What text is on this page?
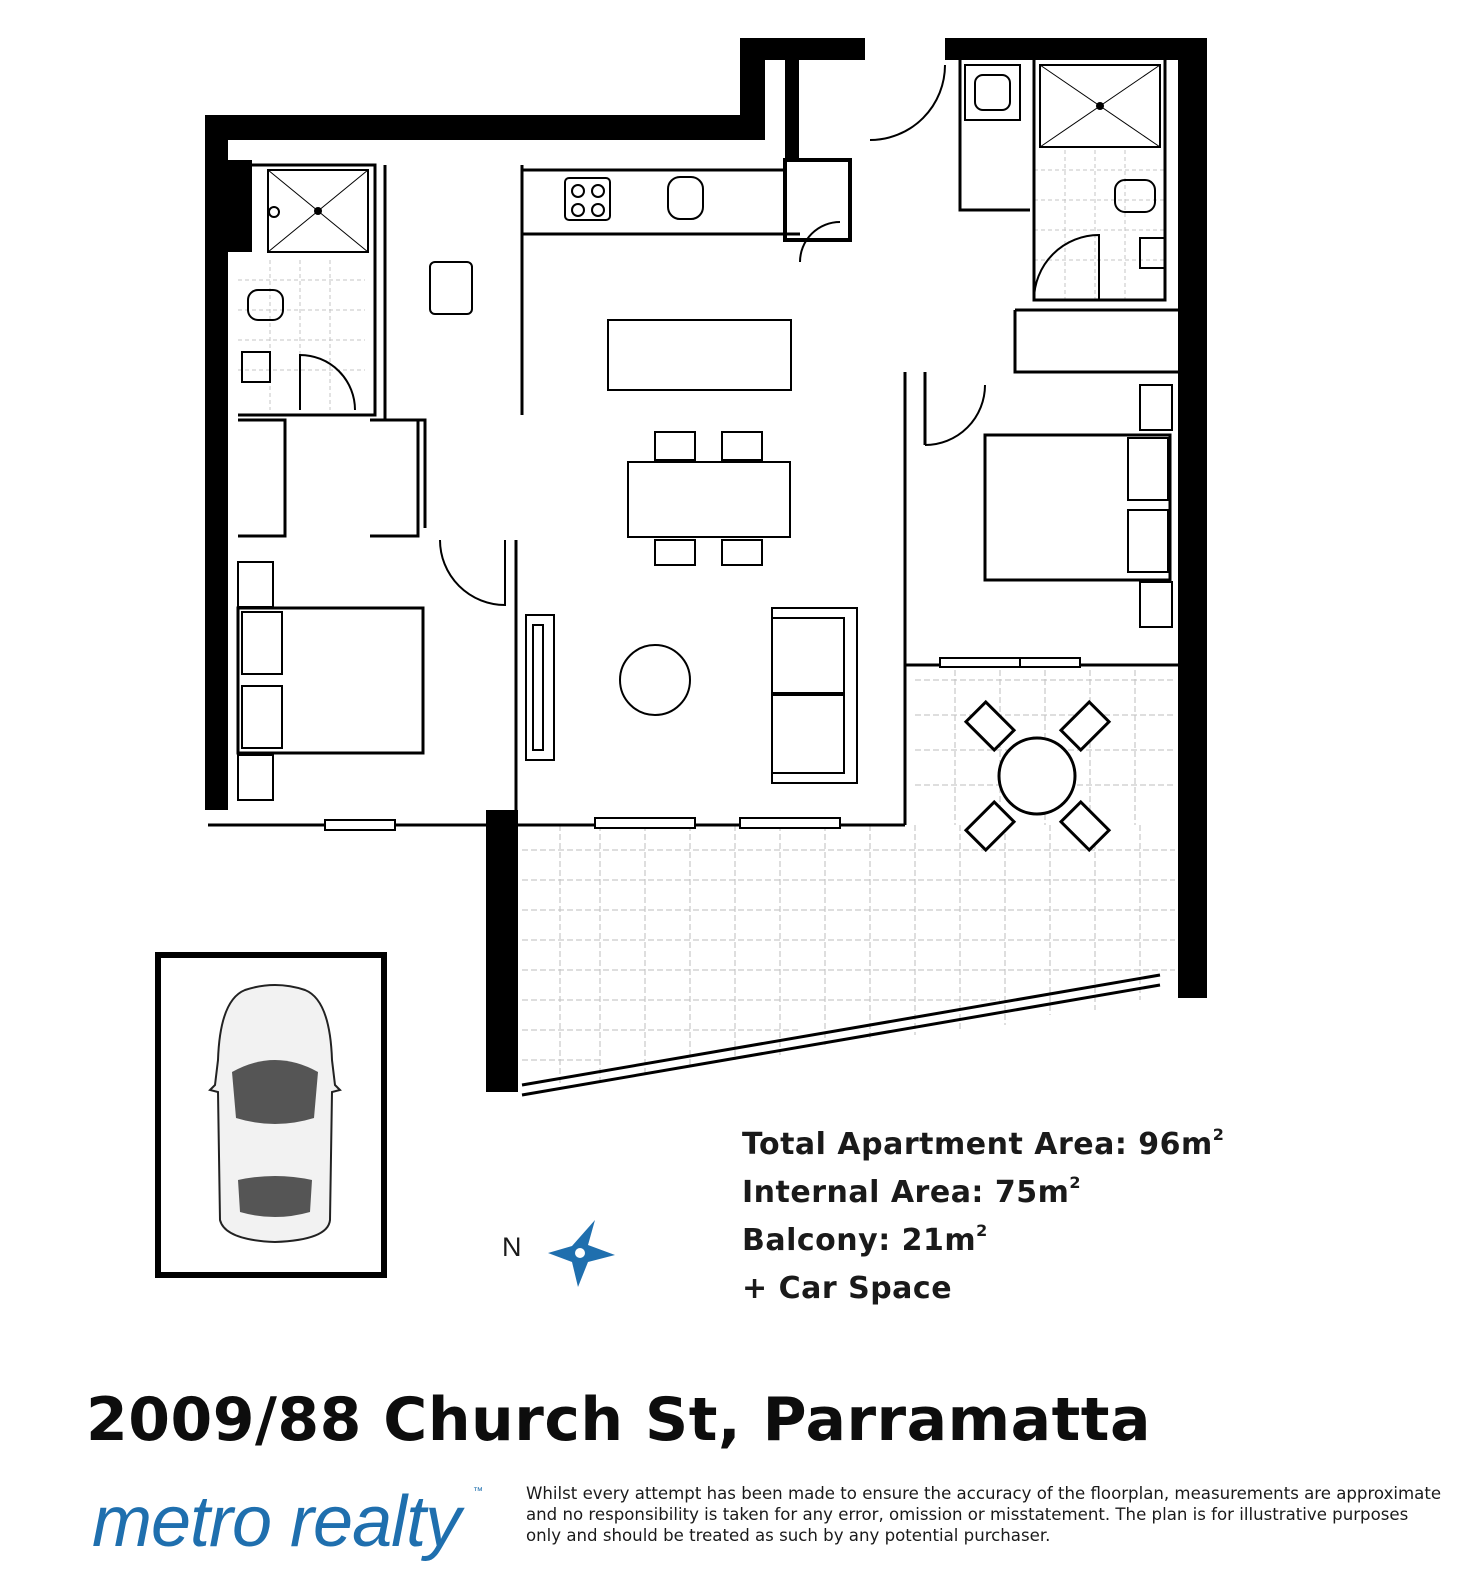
Total Apartment Area: $96m^2$
Internal Area: $75m^2$
Balcony: $21m^2$
+ Car Space
N
2009/88 Church St, Parramatta
metro realty ™	Whilst every attempt has been made to ensure the accuracy of the floorplan, measurements are approximate and no responsibility is taken for any error, omission or misstatement. The plan is for illustrative purposes only and should be treated as such by any potential purchaser.
